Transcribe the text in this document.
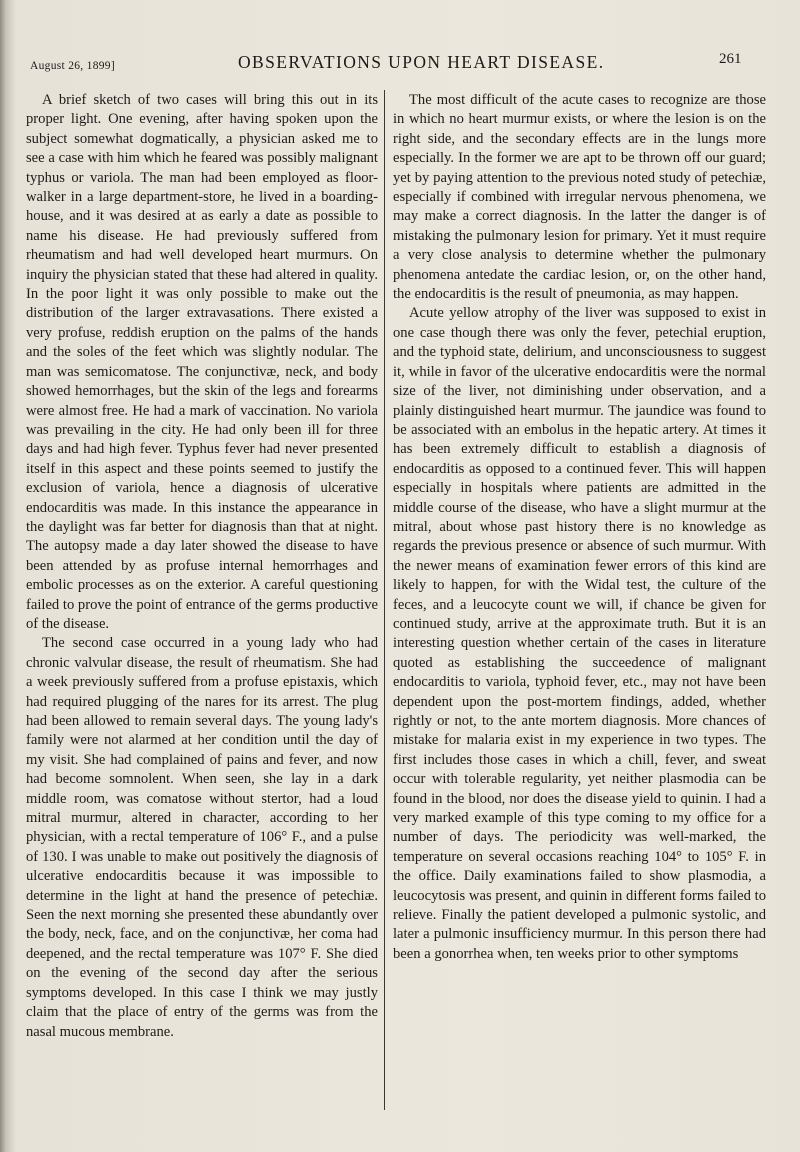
August 26, 1899]	OBSERVATIONS UPON HEART DISEASE.	261

A brief sketch of two cases will bring this out in its proper light. One evening, after having spoken upon the subject somewhat dogmatically, a physician asked me to see a case with him which he feared was possibly malignant typhus or variola. The man had been employed as floor-walker in a large department-store, he lived in a boarding-house, and it was desired at as early a date as possible to name his disease. He had previously suffered from rheumatism and had well developed heart murmurs. On inquiry the physician stated that these had altered in quality. In the poor light it was only possible to make out the distribution of the larger extravasations. There existed a very profuse, reddish eruption on the palms of the hands and the soles of the feet which was slightly nodular. The man was semicomatose. The conjunctivæ, neck, and body showed hemorrhages, but the skin of the legs and forearms were almost free. He had a mark of vaccination. No variola was prevailing in the city. He had only been ill for three days and had high fever. Typhus fever had never presented itself in this aspect and these points seemed to justify the exclusion of variola, hence a diagnosis of ulcerative endocarditis was made. In this instance the appearance in the daylight was far better for diagnosis than that at night. The autopsy made a day later showed the disease to have been attended by as profuse internal hemorrhages and embolic processes as on the exterior. A careful questioning failed to prove the point of entrance of the germs productive of the disease.

The second case occurred in a young lady who had chronic valvular disease, the result of rheumatism. She had a week previously suffered from a profuse epistaxis, which had required plugging of the nares for its arrest. The plug had been allowed to remain several days. The young lady's family were not alarmed at her condition until the day of my visit. She had complained of pains and fever, and now had become somnolent. When seen, she lay in a dark middle room, was comatose without stertor, had a loud mitral murmur, altered in character, according to her physician, with a rectal temperature of 106° F., and a pulse of 130. I was unable to make out positively the diagnosis of ulcerative endocarditis because it was impossible to determine in the light at hand the presence of petechiæ. Seen the next morning she presented these abundantly over the body, neck, face, and on the conjunctivæ, her coma had deepened, and the rectal temperature was 107° F. She died on the evening of the second day after the serious symptoms developed. In this case I think we may justly claim that the place of entry of the germs was from the nasal mucous membrane.

The most difficult of the acute cases to recognize are those in which no heart murmur exists, or where the lesion is on the right side, and the secondary effects are in the lungs more especially. In the former we are apt to be thrown off our guard; yet by paying attention to the previous noted study of petechiæ, especially if combined with irregular nervous phenomena, we may make a correct diagnosis. In the latter the danger is of mistaking the pulmonary lesion for primary. Yet it must require a very close analysis to determine whether the pulmonary phenomena antedate the cardiac lesion, or, on the other hand, the endocarditis is the result of pneumonia, as may happen.

Acute yellow atrophy of the liver was supposed to exist in one case though there was only the fever, petechial eruption, and the typhoid state, delirium, and unconsciousness to suggest it, while in favor of the ulcerative endocarditis were the normal size of the liver, not diminishing under observation, and a plainly distinguished heart murmur. The jaundice was found to be associated with an embolus in the hepatic artery. At times it has been extremely difficult to establish a diagnosis of endocarditis as opposed to a continued fever. This will happen especially in hospitals where patients are admitted in the middle course of the disease, who have a slight murmur at the mitral, about whose past history there is no knowledge as regards the previous presence or absence of such murmur. With the newer means of examination fewer errors of this kind are likely to happen, for with the Widal test, the culture of the feces, and a leucocyte count we will, if chance be given for continued study, arrive at the approximate truth. But it is an interesting question whether certain of the cases in literature quoted as establishing the succeedence of malignant endocarditis to variola, typhoid fever, etc., may not have been dependent upon the post-mortem findings, added, whether rightly or not, to the ante mortem diagnosis. More chances of mistake for malaria exist in my experience in two types. The first includes those cases in which a chill, fever, and sweat occur with tolerable regularity, yet neither plasmodia can be found in the blood, nor does the disease yield to quinin. I had a very marked example of this type coming to my office for a number of days. The periodicity was well-marked, the temperature on several occasions reaching 104° to 105° F. in the office. Daily examinations failed to show plasmodia, a leucocytosis was present, and quinin in different forms failed to relieve. Finally the patient developed a pulmonic systolic, and later a pulmonic insufficiency murmur. In this person there had been a gonorrhea when, ten weeks prior to other symptoms
